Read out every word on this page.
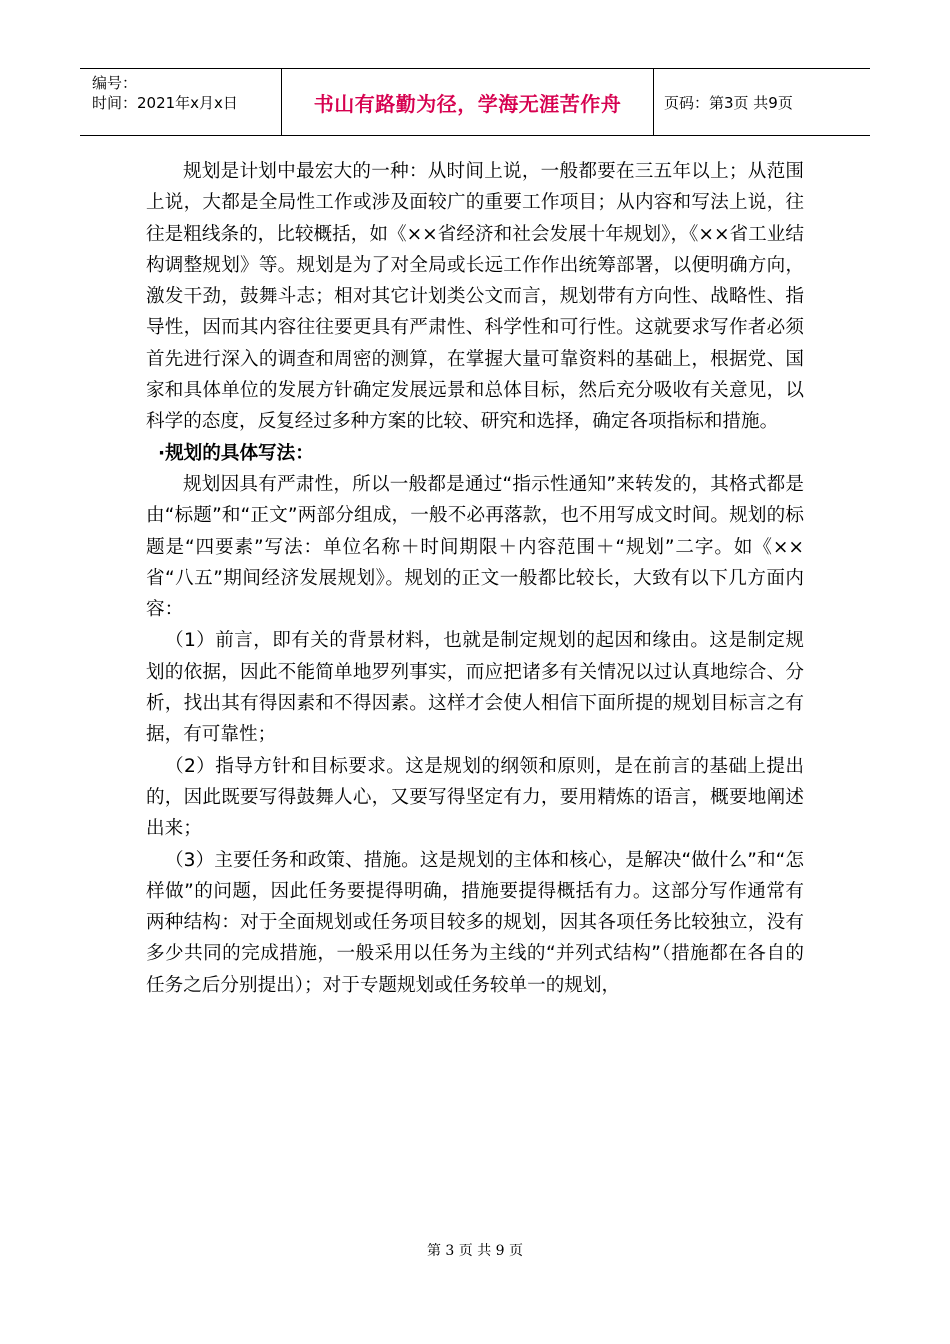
编号：
时间：2021年x月x日	书山有路勤为径，学海无涯苦作舟	页码：第3页 共9页

规划是计划中最宏大的一种：从时间上说，一般都要在三五年以上；从范围上说，大都是全局性工作或涉及面较广的重要工作项目；从内容和写法上说，往往是粗线条的，比较概括，如《××省经济和社会发展十年规划》，《××省工业结构调整规划》等。规划是为了对全局或长远工作作出统筹部署，以便明确方向，激发干劲，鼓舞斗志；相对其它计划类公文而言，规划带有方向性、战略性、指导性，因而其内容往往要更具有严肃性、科学性和可行性。这就要求写作者必须首先进行深入的调查和周密的测算，在掌握大量可靠资料的基础上，根据党、国家和具体单位的发展方针确定发展远景和总体目标，然后充分吸收有关意见，以科学的态度，反复经过多种方案的比较、研究和选择，确定各项指标和措施。

·规划的具体写法：

规划因具有严肃性，所以一般都是通过“指示性通知”来转发的，其格式都是由“标题”和“正文”两部分组成，一般不必再落款，也不用写成文时间。规划的标题是“四要素”写法：单位名称＋时间期限＋内容范围＋“规划”二字。如《××省“八五”期间经济发展规划》。规划的正文一般都比较长，大致有以下几方面内容：

（1）前言，即有关的背景材料，也就是制定规划的起因和缘由。这是制定规划的依据，因此不能简单地罗列事实，而应把诸多有关情况以过认真地综合、分析，找出其有得因素和不得因素。这样才会使人相信下面所提的规划目标言之有据，有可靠性；

（2）指导方针和目标要求。这是规划的纲领和原则，是在前言的基础上提出的，因此既要写得鼓舞人心，又要写得坚定有力，要用精炼的语言，概要地阐述出来；

（3）主要任务和政策、措施。这是规划的主体和核心，是解决“做什么”和“怎样做”的问题，因此任务要提得明确，措施要提得概括有力。这部分写作通常有两种结构：对于全面规划或任务项目较多的规划，因其各项任务比较独立，没有多少共同的完成措施，一般采用以任务为主线的“并列式结构”（措施都在各自的任务之后分别提出）；对于专题规划或任务较单一的规划，

第 3 页 共 9 页
